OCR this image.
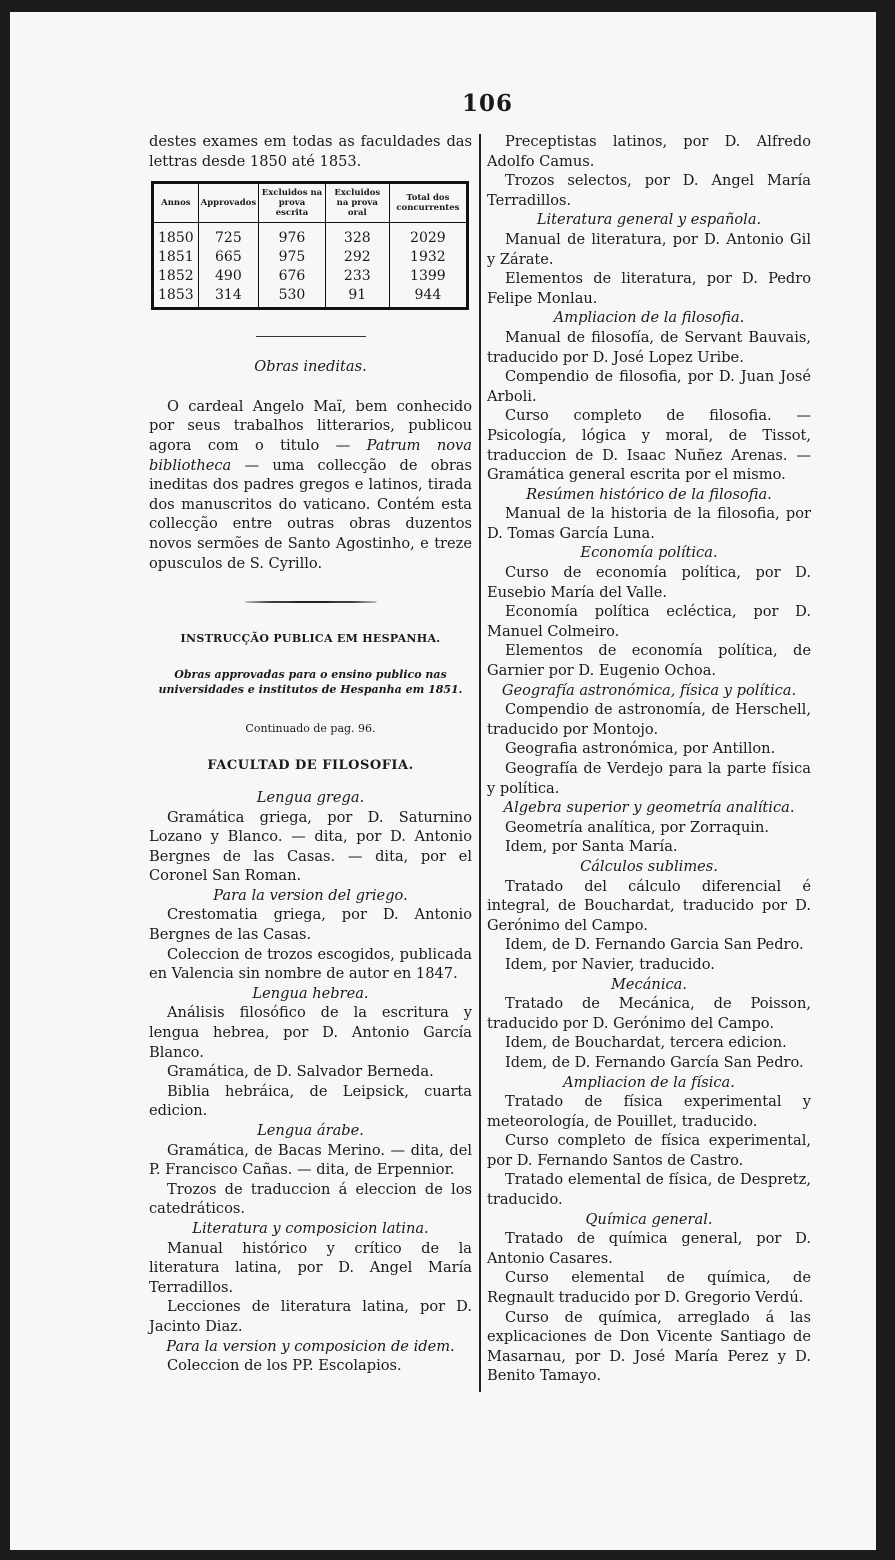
106

destes exames em todas as faculdades das lettras desde 1850 até 1853.

Annos	Approvados	Excluidos na prova escrita	Excluidos na prova oral	Total dos concurrentes
1850	725	976	328	2029
1851	665	975	292	1932
1852	490	676	233	1399
1853	314	530	91	944

Obras ineditas.

O cardeal Angelo Maï, bem conhecido por seus trabalhos litterarios, publicou agora com o titulo — Patrum nova bibliotheca — uma collecção de obras ineditas dos padres gregos e latinos, tirada dos manuscritos do vaticano. Contém esta collecção entre outras obras duzentos novos sermões de Santo Agostinho, e treze opusculos de S. Cyrillo.

INSTRUCÇÃO PUBLICA EM HESPANHA.

Obras approvadas para o ensino publico nas universidades e institutos de Hespanha em 1851.

Continuado de pag. 96.

FACULTAD DE FILOSOFIA.

Lengua grega.

Gramática griega, por D. Saturnino Lozano y Blanco. — dita, por D. Antonio Bergnes de las Casas. — dita, por el Coronel San Roman.

Para la version del griego.

Crestomatia griega, por D. Antonio Bergnes de las Casas.

Coleccion de trozos escogidos, publicada en Valencia sin nombre de autor en 1847.

Lengua hebrea.

Análisis filosófico de la escritura y lengua hebrea, por D. Antonio García Blanco.

Gramática, de D. Salvador Berneda.

Biblia hebráica, de Leipsick, cuarta edicion.

Lengua árabe.

Gramática, de Bacas Merino. — dita, del P. Francisco Cañas. — dita, de Erpennior.

Trozos de traduccion á eleccion de los catedráticos.

Literatura y composicion latina.

Manual histórico y crítico de la literatura latina, por D. Angel María Terradillos.

Lecciones de literatura latina, por D. Jacinto Diaz.

Para la version y composicion de idem.

Coleccion de los PP. Escolapios.

Preceptistas latinos, por D. Alfredo Adolfo Camus.

Trozos selectos, por D. Angel María Terradillos.

Literatura general y española.

Manual de literatura, por D. Antonio Gil y Zárate.

Elementos de literatura, por D. Pedro Felipe Monlau.

Ampliacion de la filosofia.

Manual de filosofía, de Servant Bauvais, traducido por D. José Lopez Uribe.

Compendio de filosofia, por D. Juan José Arboli.

Curso completo de filosofia. — Psicología, lógica y moral, de Tissot, traduccion de D. Isaac Nuñez Arenas. — Gramática general escrita por el mismo.

Resúmen histórico de la filosofia.

Manual de la historia de la filosofia, por D. Tomas García Luna.

Economía política.

Curso de economía política, por D. Eusebio María del Valle.

Economía política ecléctica, por D. Manuel Colmeiro.

Elementos de economía política, de Garnier por D. Eugenio Ochoa.

Geografía astronómica, física y política.

Compendio de astronomía, de Herschell, traducido por Montojo.

Geografia astronómica, por Antillon.

Geografía de Verdejo para la parte física y política.

Algebra superior y geometría analítica.

Geometría analítica, por Zorraquin.

Idem, por Santa María.

Cálculos sublimes.

Tratado del cálculo diferencial é integral, de Bouchardat, traducido por D. Gerónimo del Campo.

Idem, de D. Fernando Garcia San Pedro.

Idem, por Navier, traducido.

Mecánica.

Tratado de Mecánica, de Poisson, traducido por D. Gerónimo del Campo.

Idem, de Bouchardat, tercera edicion.

Idem, de D. Fernando García San Pedro.

Ampliacion de la física.

Tratado de física experimental y meteorología, de Pouillet, traducido.

Curso completo de física experimental, por D. Fernando Santos de Castro.

Tratado elemental de física, de Despretz, traducido.

Química general.

Tratado de química general, por D. Antonio Casares.

Curso elemental de química, de Regnault traducido por D. Gregorio Verdú.

Curso de química, arreglado á las explicaciones de Don Vicente Santiago de Masarnau, por D. José María Perez y D. Benito Tamayo.
